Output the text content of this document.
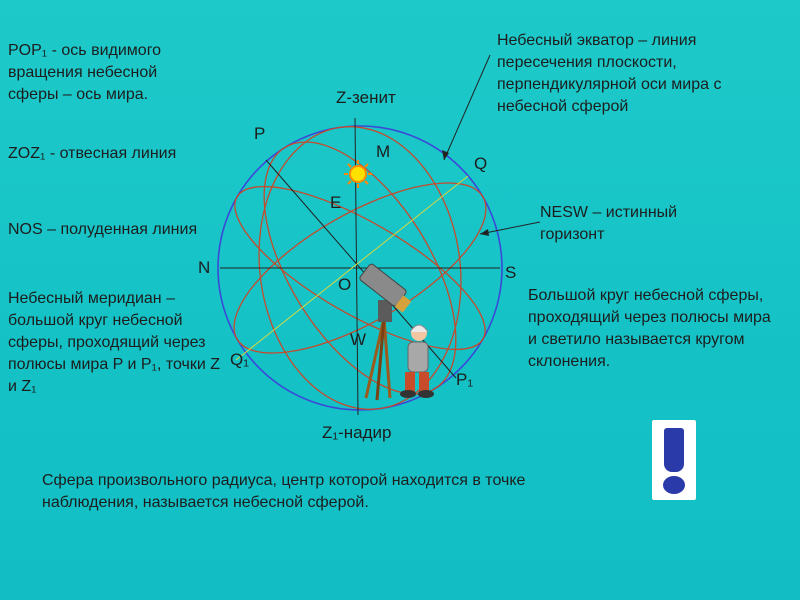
POP₁ - ось видимого вращения небесной сферы – ось мира.

ZOZ₁ - отвесная линия

NOS – полуденная линия

Небесный меридиан – большой круг небесной сферы, проходящий через полюсы мира P и P₁, точки Z и Z₁

Небесный экватор – линия пересечения плоскости, перпендикулярной оси мира с небесной сферой

NESW – истинный горизонт

Большой круг небесной сферы, проходящий через полюсы мира и светило называется кругом склонения.

Сфера произвольного радиуса, центр которой находится в точке наблюдения, называется небесной сферой.

Z-зенит
Z₁-надир
P
P₁
Q
Q₁
M
E
N	S
O
W
